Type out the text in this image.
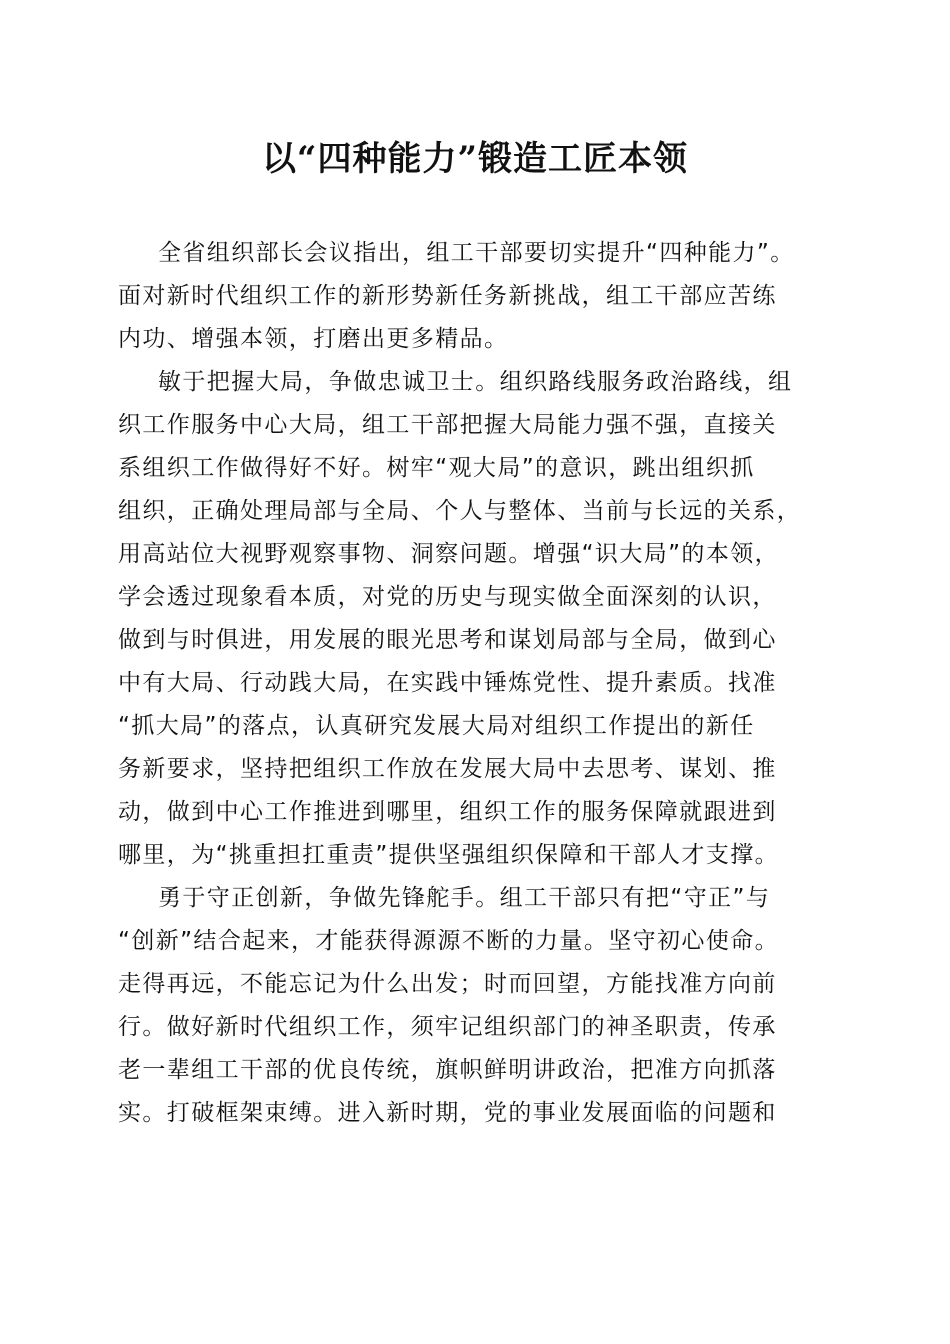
以“四种能力”锻造工匠本领

全省组织部长会议指出，组工干部要切实提升“四种能力”。
面对新时代组织工作的新形势新任务新挑战，组工干部应苦练
内功、增强本领，打磨出更多精品。

敏于把握大局，争做忠诚卫士。组织路线服务政治路线，组
织工作服务中心大局，组工干部把握大局能力强不强，直接关
系组织工作做得好不好。树牢“观大局”的意识，跳出组织抓
组织，正确处理局部与全局、个人与整体、当前与长远的关系，
用高站位大视野观察事物、洞察问题。增强“识大局”的本领，
学会透过现象看本质，对党的历史与现实做全面深刻的认识，
做到与时俱进，用发展的眼光思考和谋划局部与全局，做到心
中有大局、行动践大局，在实践中锤炼党性、提升素质。找准
“抓大局”的落点，认真研究发展大局对组织工作提出的新任
务新要求，坚持把组织工作放在发展大局中去思考、谋划、推
动，做到中心工作推进到哪里，组织工作的服务保障就跟进到
哪里，为“挑重担扛重责”提供坚强组织保障和干部人才支撑。

勇于守正创新，争做先锋舵手。组工干部只有把“守正”与
“创新”结合起来，才能获得源源不断的力量。坚守初心使命。
走得再远，不能忘记为什么出发；时而回望，方能找准方向前
行。做好新时代组织工作，须牢记组织部门的神圣职责，传承
老一辈组工干部的优良传统，旗帜鲜明讲政治，把准方向抓落
实。打破框架束缚。进入新时期，党的事业发展面临的问题和
